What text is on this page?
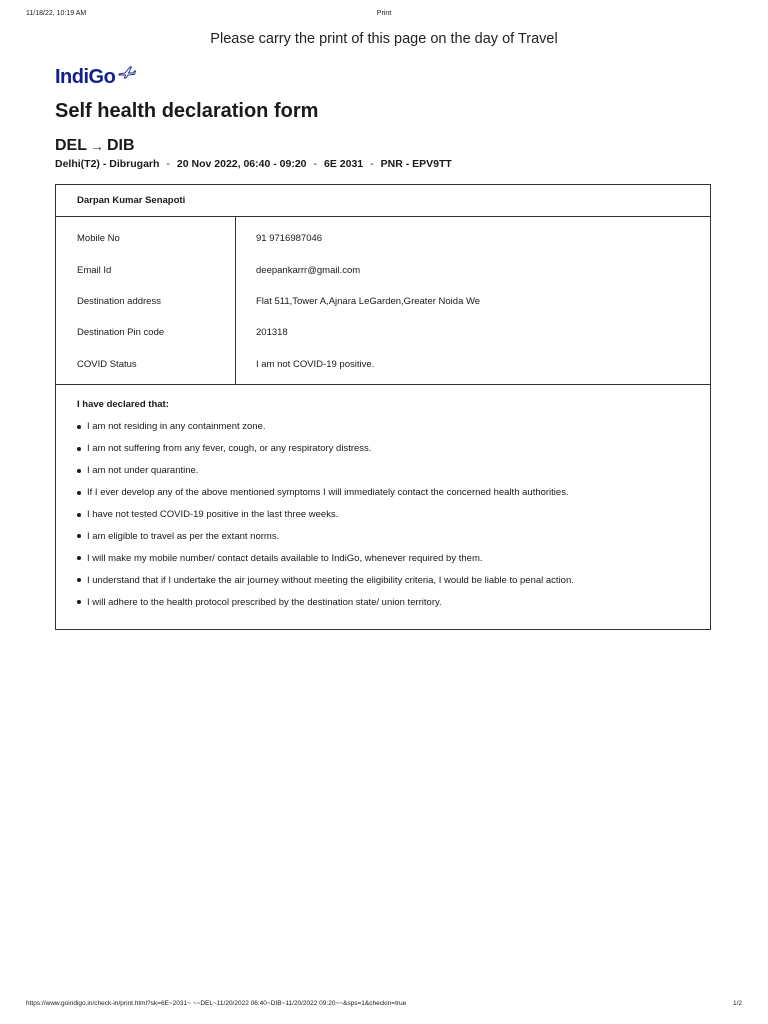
11/18/22, 10:19 AM	Print
Please carry the print of this page on the day of Travel
IndiGo
Self health declaration form
DEL → DIB
Delhi(T2) - Dibrugarh - 20 Nov 2022, 06:40 - 09:20 - 6E 2031 - PNR - EPV9TT
Darpan Kumar Senapoti
Mobile No	91 9716987046
Email Id	deepankarrr@gmail.com
Destination address	Flat 511,Tower A,Ajnara LeGarden,Greater Noida We
Destination Pin code	201318
COVID Status	I am not COVID-19 positive.
I have declared that:
I am not residing in any containment zone.
I am not suffering from any fever, cough, or any respiratory distress.
I am not under quarantine.
If I ever develop any of the above mentioned symptoms I will immediately contact the concerned health authorities.
I have not tested COVID-19 positive in the last three weeks.
I am eligible to travel as per the extant norms.
I will make my mobile number/ contact details available to IndiGo, whenever required by them.
I understand that if I undertake the air journey without meeting the eligibility criteria, I would be liable to penal action.
I will adhere to the health protocol prescribed by the destination state/ union territory.
https://www.goindigo.in/check-in/print.html?sk=6E~2031~ ~~DEL~11/20/2022 06:40~DIB~11/20/2022 09:20~~&sps=1&checkin=true	1/2
